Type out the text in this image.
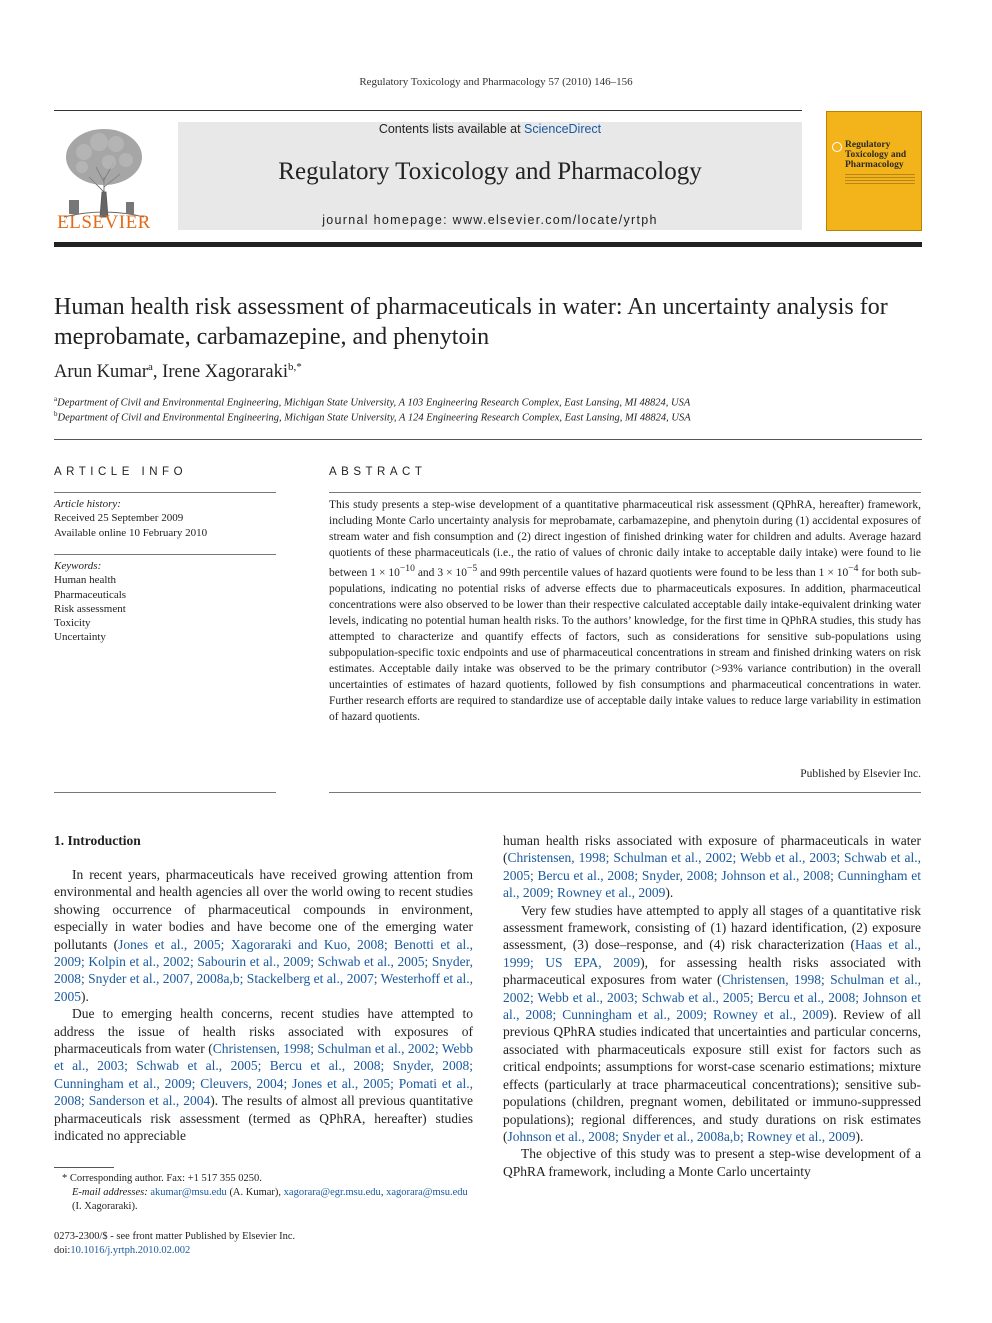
Regulatory Toxicology and Pharmacology 57 (2010) 146–156
ELSEVIER
Contents lists available at ScienceDirect
Regulatory Toxicology and Pharmacology
journal homepage: www.elsevier.com/locate/yrtph
Regulatory Toxicology and Pharmacology
Human health risk assessment of pharmaceuticals in water: An uncertainty analysis for meprobamate, carbamazepine, and phenytoin
Arun Kumar$^a$, Irene Xagoraraki$^{b,*}$
$^a$Department of Civil and Environmental Engineering, Michigan State University, A 103 Engineering Research Complex, East Lansing, MI 48824, USA
$^b$Department of Civil and Environmental Engineering, Michigan State University, A 124 Engineering Research Complex, East Lansing, MI 48824, USA
ARTICLE INFO	ABSTRACT
Article history:
Received 25 September 2009
Available online 10 February 2010
Keywords:
Human health
Pharmaceuticals
Risk assessment
Toxicity
Uncertainty
This study presents a step-wise development of a quantitative pharmaceutical risk assessment (QPhRA, hereafter) framework, including Monte Carlo uncertainty analysis for meprobamate, carbamazepine, and phenytoin during (1) accidental exposures of stream water and fish consumption and (2) direct ingestion of finished drinking water for children and adults. Average hazard quotients of these pharmaceuticals (i.e., the ratio of values of chronic daily intake to acceptable daily intake) were found to lie between $1 \times 10^{-10}$ and $3 \times 10^{-5}$ and 99th percentile values of hazard quotients were found to be less than $1 \times 10^{-4}$ for both sub-populations, indicating no potential risks of adverse effects due to pharmaceuticals exposures. In addition, pharmaceutical concentrations were also observed to be lower than their respective calculated acceptable daily intake-equivalent drinking water levels, indicating no potential human health risks. To the authors’ knowledge, for the first time in QPhRA studies, this study has attempted to characterize and quantify effects of factors, such as considerations for sensitive sub-populations using subpopulation-specific toxic endpoints and use of pharmaceutical concentrations in stream and finished drinking waters on risk estimates. Acceptable daily intake was observed to be the primary contributor (>93% variance contribution) in the overall uncertainties of estimates of hazard quotients, followed by fish consumptions and pharmaceutical concentrations in water. Further research efforts are required to standardize use of acceptable daily intake values to reduce large variability in estimation of hazard quotients.
Published by Elsevier Inc.
1. Introduction

In recent years, pharmaceuticals have received growing attention from environmental and health agencies all over the world owing to recent studies showing occurrence of pharmaceutical compounds in environment, especially in water bodies and have become one of the emerging water pollutants (Jones et al., 2005; Xagoraraki and Kuo, 2008; Benotti et al., 2009; Kolpin et al., 2002; Sabourin et al., 2009; Schwab et al., 2005; Snyder, 2008; Snyder et al., 2007, 2008a,b; Stackelberg et al., 2007; Westerhoff et al., 2005).

Due to emerging health concerns, recent studies have attempted to address the issue of health risks associated with exposures of pharmaceuticals from water (Christensen, 1998; Schulman et al., 2002; Webb et al., 2003; Schwab et al., 2005; Bercu et al., 2008; Snyder, 2008; Cunningham et al., 2009; Cleuvers, 2004; Jones et al., 2005; Pomati et al., 2008; Sanderson et al., 2004). The results of almost all previous quantitative pharmaceuticals risk assessment (termed as QPhRA, hereafter) studies indicated no appreciable

human health risks associated with exposure of pharmaceuticals in water (Christensen, 1998; Schulman et al., 2002; Webb et al., 2003; Schwab et al., 2005; Bercu et al., 2008; Snyder, 2008; Johnson et al., 2008; Cunningham et al., 2009; Rowney et al., 2009).

Very few studies have attempted to apply all stages of a quantitative risk assessment framework, consisting of (1) hazard identification, (2) exposure assessment, (3) dose–response, and (4) risk characterization (Haas et al., 1999; US EPA, 2009), for assessing health risks associated with pharmaceutical exposures from water (Christensen, 1998; Schulman et al., 2002; Webb et al., 2003; Schwab et al., 2005; Bercu et al., 2008; Johnson et al., 2008; Cunningham et al., 2009; Rowney et al., 2009). Review of all previous QPhRA studies indicated that uncertainties and particular concerns, associated with pharmaceuticals exposure still exist for factors such as critical endpoints; assumptions for worst-case scenario estimations; mixture effects (particularly at trace pharmaceutical concentrations); sensitive sub-populations (children, pregnant women, debilitated or immuno-suppressed populations); regional differences, and study durations on risk estimates (Johnson et al., 2008; Snyder et al., 2008a,b; Rowney et al., 2009).

The objective of this study was to present a step-wise development of a QPhRA framework, including a Monte Carlo uncertainty

* Corresponding author. Fax: +1 517 355 0250.
E-mail addresses: akumar@msu.edu (A. Kumar), xagorara@egr.msu.edu, xagorara@msu.edu (I. Xagoraraki).
0273-2300/$ - see front matter Published by Elsevier Inc.
doi:10.1016/j.yrtph.2010.02.002
